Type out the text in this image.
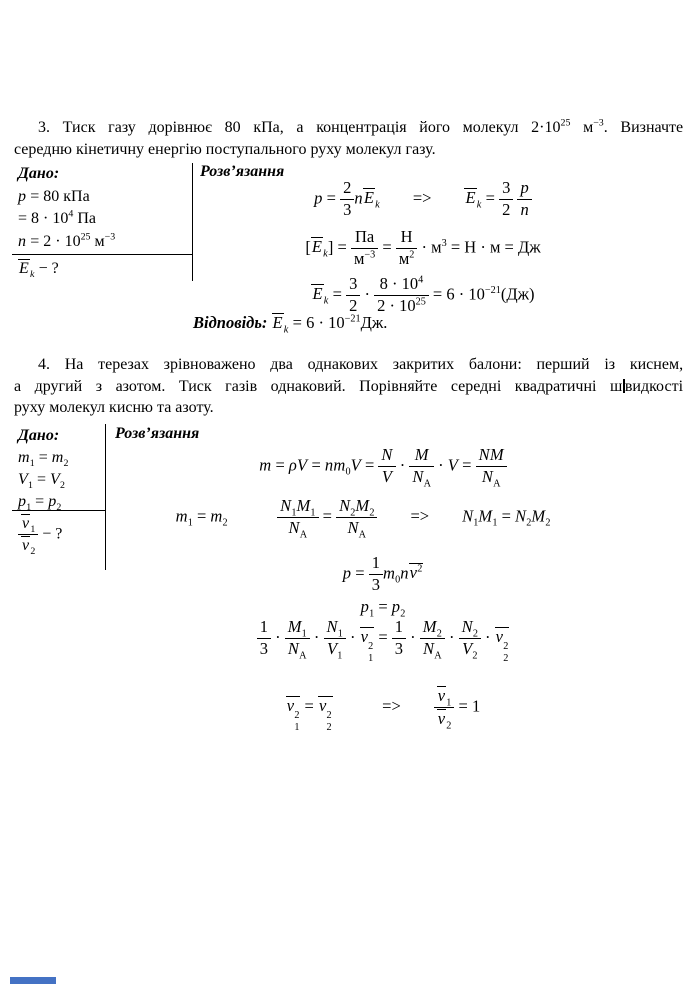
3. Тиск газу дорівнює 80 кПа, а концентрація його молекул $2\cdot 10^{25}$ $м^{-3}$. Визначте
середню кінетичну енергію поступального руху молекул газу.
Дано:
p = 80 кПа
= $8 \cdot 10^4$ Па
$n = 2 \cdot 10^{25}$ $м^{-3}$
$E_k$ − ?
Розв’язання
$p = \frac{2}{3} nE_k$   =>   $E_k = \frac{3}{2}$
$\frac{p}{n}$
$[E_k]$ =
Па
$м^{-3}$ =
Н
$м^2 \cdot м^3 = Н \cdot м$ = Дж
$E_k = \frac{3}{2} \cdot \frac{8 \cdot 10^4}{2 \cdot 10^{25}} = 6 \cdot 10^{-21}(Дж)$
Відповідь: $E_k = 6 \cdot 10^{-21}Дж$.
4. На терезах зрівноважено два однакових закритих балони: перший із киснем,
а другий з азотом. Тиск газів однаковий. Порівняйте середні квадратичні ш видкості
руху молекул кисню та азоту.
Дано:
$m_1 = m_2$
$V_1 = V_2$
$p_1 = p_2$
$\frac{v_1}{v_2}$ − ?
Розв’язання
$m = \rho V = nm_0V = \frac{N}{V}$ ·
M
$N_А$
· V =
NM
$N_А$
$m_1 = m_2$   
$N_1M_1$
$N_А$
=
$N_2M_2$
$N_А$
  =>   $N_1M_1 = N_2M_2$
$p = \frac{1}{3} m_0nv^2$
$p_1 = p_2$
$\frac{1}{3}$ ·
$M_1$
$N_А$
· $\frac{N_1}{V_1} \cdot v$
2
1
= $\frac{1}{3}$ ·
$M_2$
$N_А$
· $\frac{N_2}{V_2} \cdot v$
2
2
v
2
1
= v
2
2
   =>   $\frac{v_1}{v_2} = 1$
